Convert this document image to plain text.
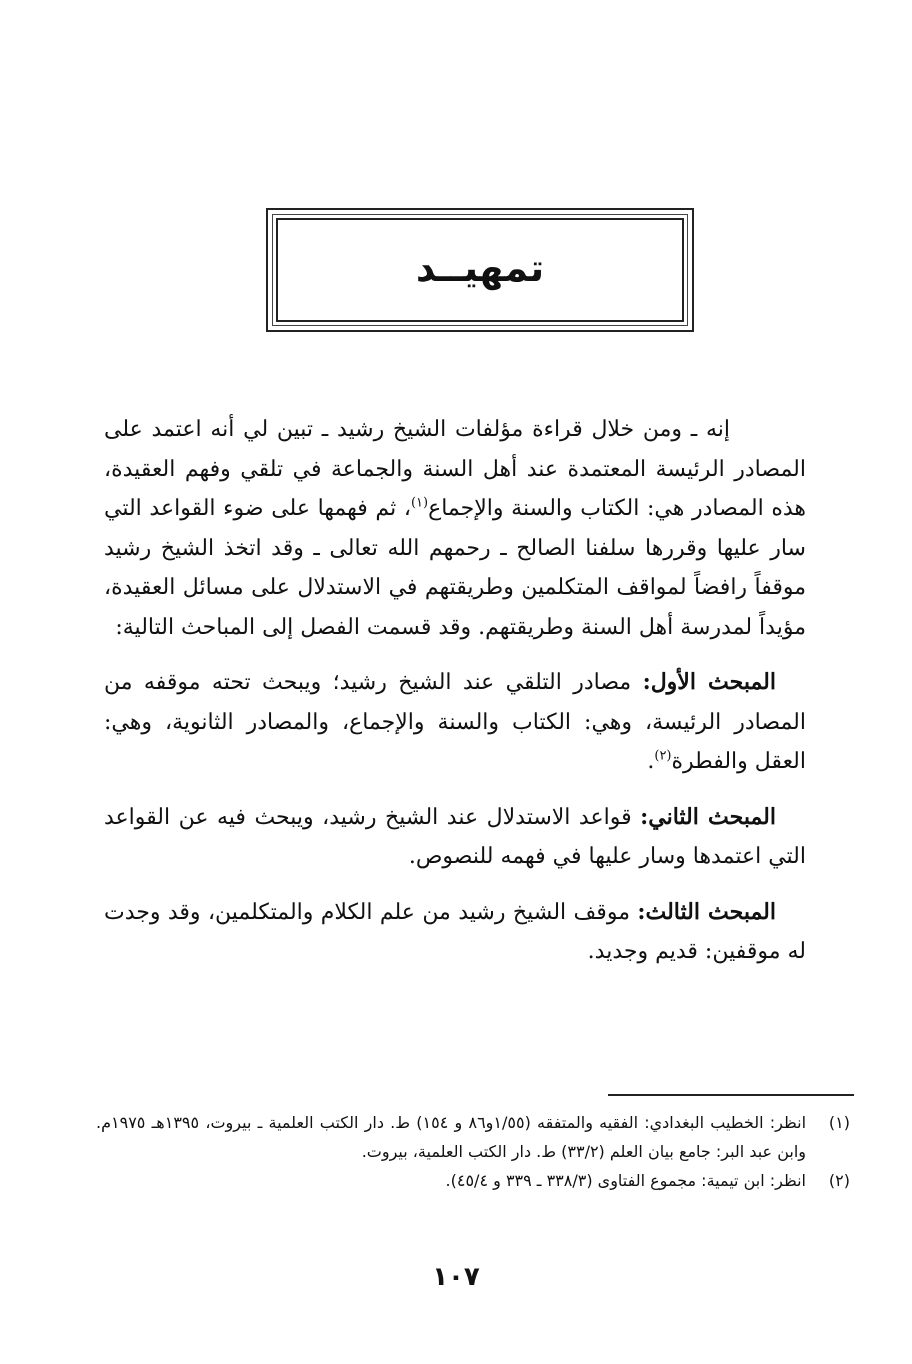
تمهيــد

إنه ـ ومن خلال قراءة مؤلفات الشيخ رشيد ـ تبين لي أنه اعتمد على المصادر الرئيسة المعتمدة عند أهل السنة والجماعة في تلقي وفهم العقيدة، هذه المصادر هي: الكتاب والسنة والإجماع$^{(١)}$، ثم فهمها على ضوء القواعد التي سار عليها وقررها سلفنا الصالح ـ رحمهم الله تعالى ـ وقد اتخذ الشيخ رشيد موقفاً رافضاً لمواقف المتكلمين وطريقتهم في الاستدلال على مسائل العقيدة، مؤيداً لمدرسة أهل السنة وطريقتهم. وقد قسمت الفصل إلى المباحث التالية:

المبحث الأول: مصادر التلقي عند الشيخ رشيد؛ ويبحث تحته موقفه من المصادر الرئيسة، وهي: الكتاب والسنة والإجماع، والمصادر الثانوية، وهي: العقل والفطرة$^{(٢)}$.

المبحث الثاني: قواعد الاستدلال عند الشيخ رشيد، ويبحث فيه عن القواعد التي اعتمدها وسار عليها في فهمه للنصوص.

المبحث الثالث: موقف الشيخ رشيد من علم الكلام والمتكلمين، وقد وجدت له موقفين: قديم وجديد.

(١)
انظر: الخطيب البغدادي: الفقيه والمتفقه (١/٥٥و٨٦ و ١٥٤) ط. دار الكتب العلمية ـ بيروت، ١٣٩٥هـ ١٩٧٥م. وابن عبد البر: جامع بيان العلم (٣٣/٢) ط. دار الكتب العلمية، بيروت.
(٢)
انظر: ابن تيمية: مجموع الفتاوى (٣٣٨/٣ ـ ٣٣٩ و ٤٥/٤).
١٠٧
